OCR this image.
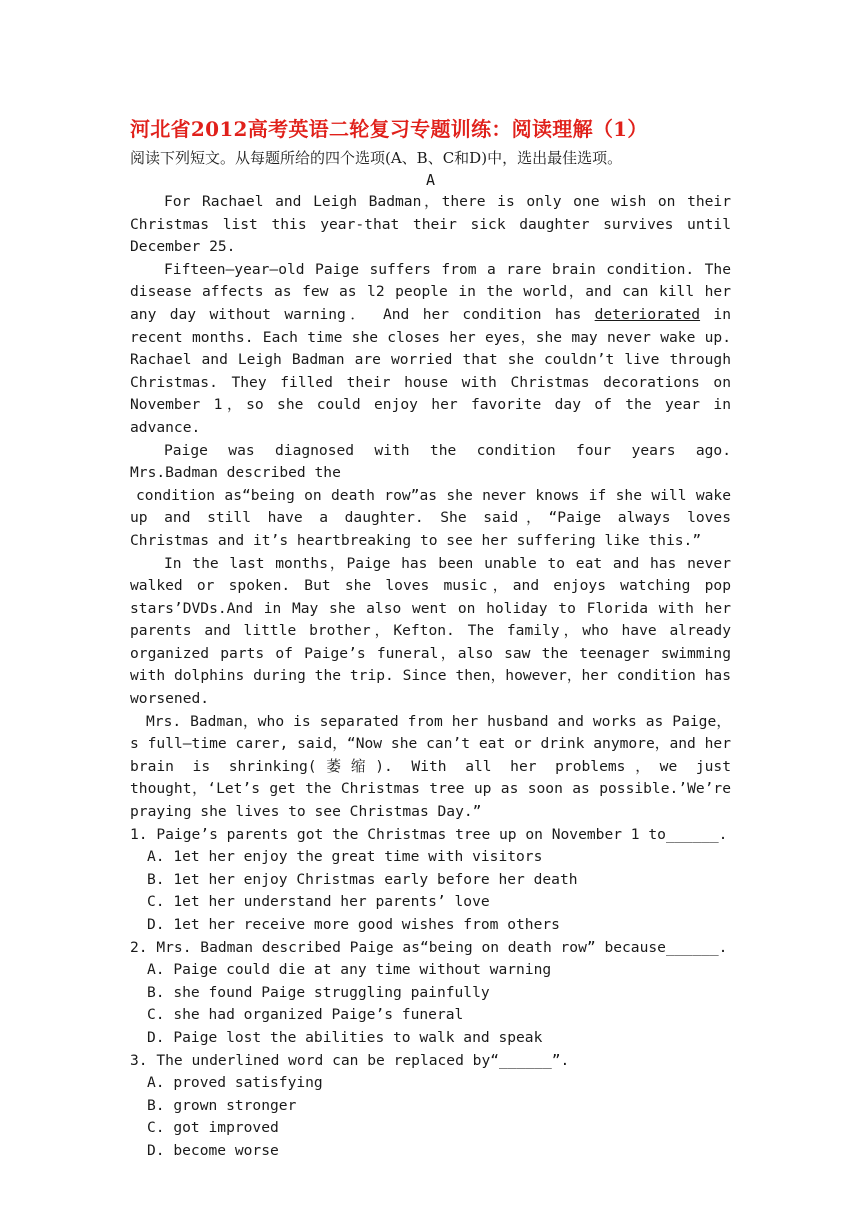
河北省2012高考英语二轮复习专题训练：阅读理解（1）
阅读下列短文。从每题所给的四个选项(A、B、C和D)中，选出最佳选项。
A

For Rachael and Leigh Badman，there is only one wish on their Christmas list this year-that their sick daughter survives until December 25.

Fifteen—year—old Paige suffers from a rare brain condition. The disease affects as few as l2 people in the world，and can kill her any day without warning． And her condition has deteriorated in recent months. Each time she closes her eyes，she may never wake up. Rachael and Leigh Badman are worried that she couldn’t live through Christmas. They filled their house with Christmas decorations on November 1，so she could enjoy her favorite day of the year in advance.

Paige was diagnosed with the condition four years ago. Mrs.Badman described the

condition as“being on death row”as she never knows if she will wake up and still have a daughter. She said，“Paige always loves Christmas and it’s heartbreaking to see her suffering like this.”

In the last months，Paige has been unable to eat and has never walked or spoken. But she loves music，and enjoys watching pop stars’DVDs.And in May she also went on holiday to Florida with her parents and little brother，Kefton. The family，who have already organized parts of Paige’s funeral，also saw the teenager swimming with dolphins during the trip. Since then，however，her condition has worsened.

Mrs. Badman，who is separated from her husband and works as Paige，s full—time carer, said，“Now she can’t eat or drink anymore，and her brain is shrinking(萎缩). With all her problems，we just thought，‘Let’s get the Christmas tree up as soon as possible.’We’re praying she lives to see Christmas Day.”

1. Paige’s parents got the Christmas tree up on November 1 to______.

A. 1et her enjoy the great time with visitors

B. 1et her enjoy Christmas early before her death

C. 1et her understand her parents’ love

D. 1et her receive more good wishes from others

2. Mrs. Badman described Paige as“being on death row” because______.

A. Paige could die at any time without warning

B. she found Paige struggling painfully

C. she had organized Paige’s funeral

D. Paige lost the abilities to walk and speak

3. The underlined word can be replaced by“______”.

A. proved satisfying

B. grown stronger

C. got improved

D. become worse
